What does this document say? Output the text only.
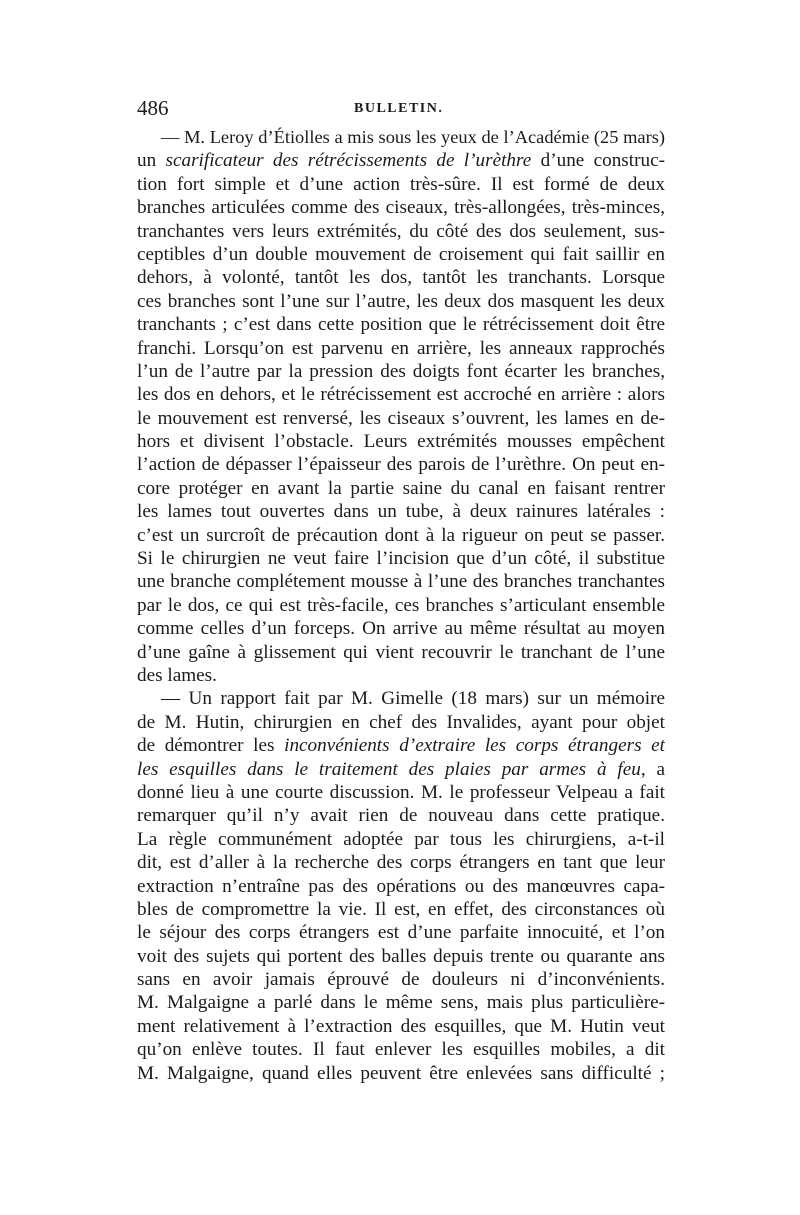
486	BULLETIN.
— M. Leroy d’Étiolles a mis sous les yeux de l’Académie (25 mars)
un scarificateur des rétrécissements de l’urèthre d’une construc-
tion fort simple et d’une action très-sûre. Il est formé de deux
branches articulées comme des ciseaux, très-allongées, très-minces,
tranchantes vers leurs extrémités, du côté des dos seulement, sus-
ceptibles d’un double mouvement de croisement qui fait saillir en
dehors, à volonté, tantôt les dos, tantôt les tranchants. Lorsque
ces branches sont l’une sur l’autre, les deux dos masquent les deux
tranchants ; c’est dans cette position que le rétrécissement doit être
franchi. Lorsqu’on est parvenu en arrière, les anneaux rapprochés
l’un de l’autre par la pression des doigts font écarter les branches,
les dos en dehors, et le rétrécissement est accroché en arrière : alors
le mouvement est renversé, les ciseaux s’ouvrent, les lames en de-
hors et divisent l’obstacle. Leurs extrémités mousses empêchent
l’action de dépasser l’épaisseur des parois de l’urèthre. On peut en-
core protéger en avant la partie saine du canal en faisant rentrer
les lames tout ouvertes dans un tube, à deux rainures latérales :
c’est un surcroît de précaution dont à la rigueur on peut se passer.
Si le chirurgien ne veut faire l’incision que d’un côté, il substitue
une branche complétement mousse à l’une des branches tranchantes
par le dos, ce qui est très-facile, ces branches s’articulant ensemble
comme celles d’un forceps. On arrive au même résultat au moyen
d’une gaîne à glissement qui vient recouvrir le tranchant de l’une
des lames.
— Un rapport fait par M. Gimelle (18 mars) sur un mémoire
de M. Hutin, chirurgien en chef des Invalides, ayant pour objet
de démontrer les inconvénients d’extraire les corps étrangers et
les esquilles dans le traitement des plaies par armes à feu, a
donné lieu à une courte discussion. M. le professeur Velpeau a fait
remarquer qu’il n’y avait rien de nouveau dans cette pratique.
La règle communément adoptée par tous les chirurgiens, a-t-il
dit, est d’aller à la recherche des corps étrangers en tant que leur
extraction n’entraîne pas des opérations ou des manœuvres capa-
bles de compromettre la vie. Il est, en effet, des circonstances où
le séjour des corps étrangers est d’une parfaite innocuité, et l’on
voit des sujets qui portent des balles depuis trente ou quarante ans
sans en avoir jamais éprouvé de douleurs ni d’inconvénients.
M. Malgaigne a parlé dans le même sens, mais plus particulière-
ment relativement à l’extraction des esquilles, que M. Hutin veut
qu’on enlève toutes. Il faut enlever les esquilles mobiles, a dit
M. Malgaigne, quand elles peuvent être enlevées sans difficulté ;
